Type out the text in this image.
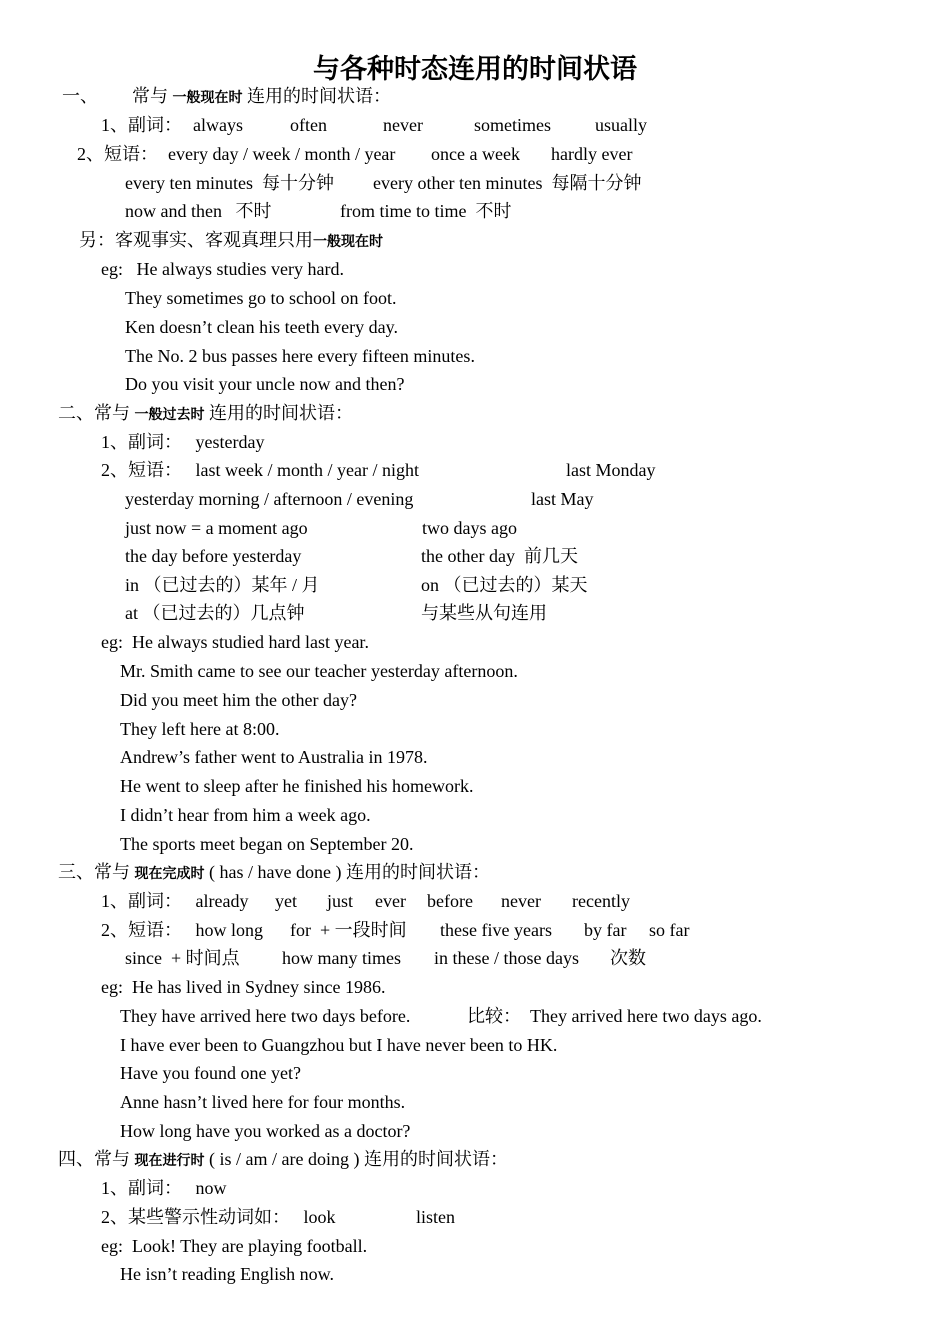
与各种时态连用的时间状语
一、 常与 一般现在时 连用的时间状语：
1、副词： always	often	never	sometimes usually
2、短语： every day / week / month / year once a week hardly ever
every ten minutes  每十分钟 every other ten minutes  每隔十分钟
now and then   不时	from time to time  不时
另：客观事实、客观真理只用一般现在时
eg:   He always studies very hard.
They sometimes go to school on foot.
Ken doesn’t clean his teeth every day.
The No. 2 bus passes here every fifteen minutes.
Do you visit your uncle now and then?
二、常与 一般过去时 连用的时间状语：
1、副词：   yesterday
2、短语：   last week / month / year / night	last Monday
yesterday morning / afternoon / evening	last May
just now = a moment ago	two days ago
the day before yesterday	the other day  前几天
in （已过去的）某年 / 月	on （已过去的）某天
at （已过去的）几点钟	与某些从句连用
eg:  He always studied hard last year.
Mr. Smith came to see our teacher yesterday afternoon.
Did you meet him the other day?
They left here at 8:00.
Andrew’s father went to Australia in 1978.
He went to sleep after he finished his homework.
I didn’t hear from him a week ago.
The sports meet began on September 20.
三、常与 现在完成时 ( has / have done ) 连用的时间状语：
1、副词：   already yet just ever before never recently
2、短语：   how long for  + 一段时间 these five years by far so far
since  + 时间点 how many times in these / those days 次数
eg:  He has lived in Sydney since 1986.
They have arrived here two days before.	比较：  They arrived here two days ago.
I have ever been to Guangzhou but I have never been to HK.
Have you found one yet?
Anne hasn’t lived here for four months.
How long have you worked as a doctor?
四、常与 现在进行时 ( is / am / are doing ) 连用的时间状语：
1、副词：   now
2、某些警示性动词如：   look	listen
eg:  Look! They are playing football.
He isn’t reading English now.
